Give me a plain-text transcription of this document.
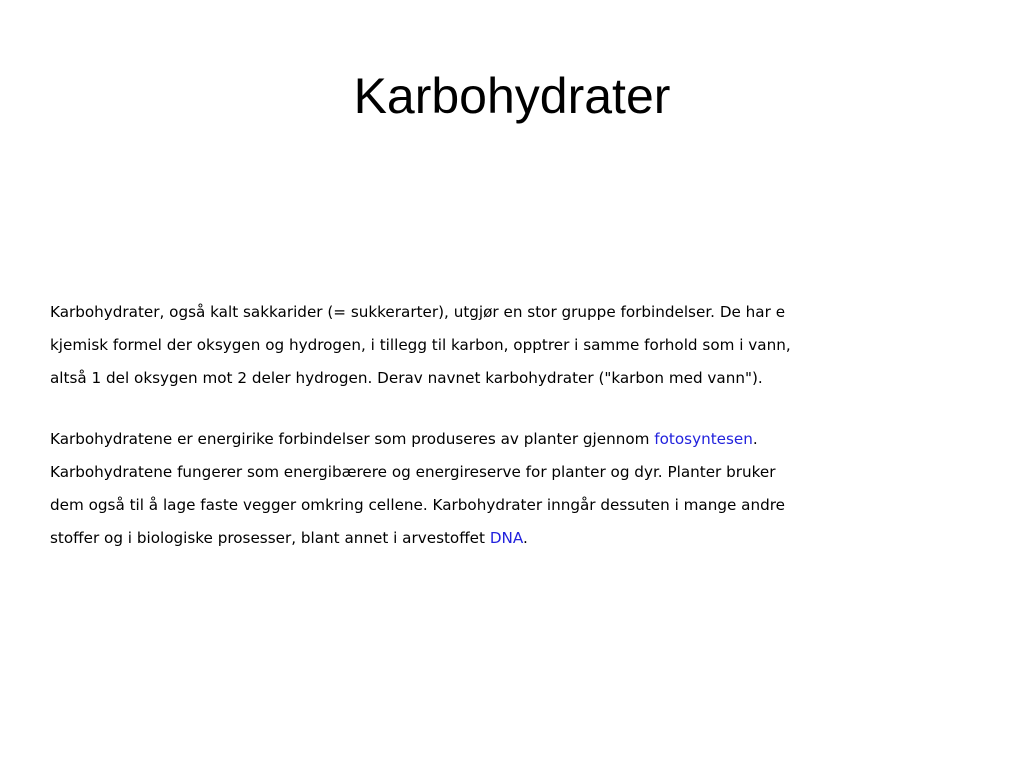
Karbohydrater

Karbohydrater, også kalt sakkarider (= sukkerarter), utgjør en stor gruppe forbindelser. De har e
kjemisk formel der oksygen og hydrogen, i tillegg til karbon, opptrer i samme forhold som i vann,
altså 1 del oksygen mot 2 deler hydrogen. Derav navnet karbohydrater ("karbon med vann").

Karbohydratene er energirike forbindelser som produseres av planter gjennom fotosyntesen.
Karbohydratene fungerer som energibærere og energireserve for planter og dyr. Planter bruker
dem også til å lage faste vegger omkring cellene. Karbohydrater inngår dessuten i mange andre
stoffer og i biologiske prosesser, blant annet i arvestoffet DNA.
